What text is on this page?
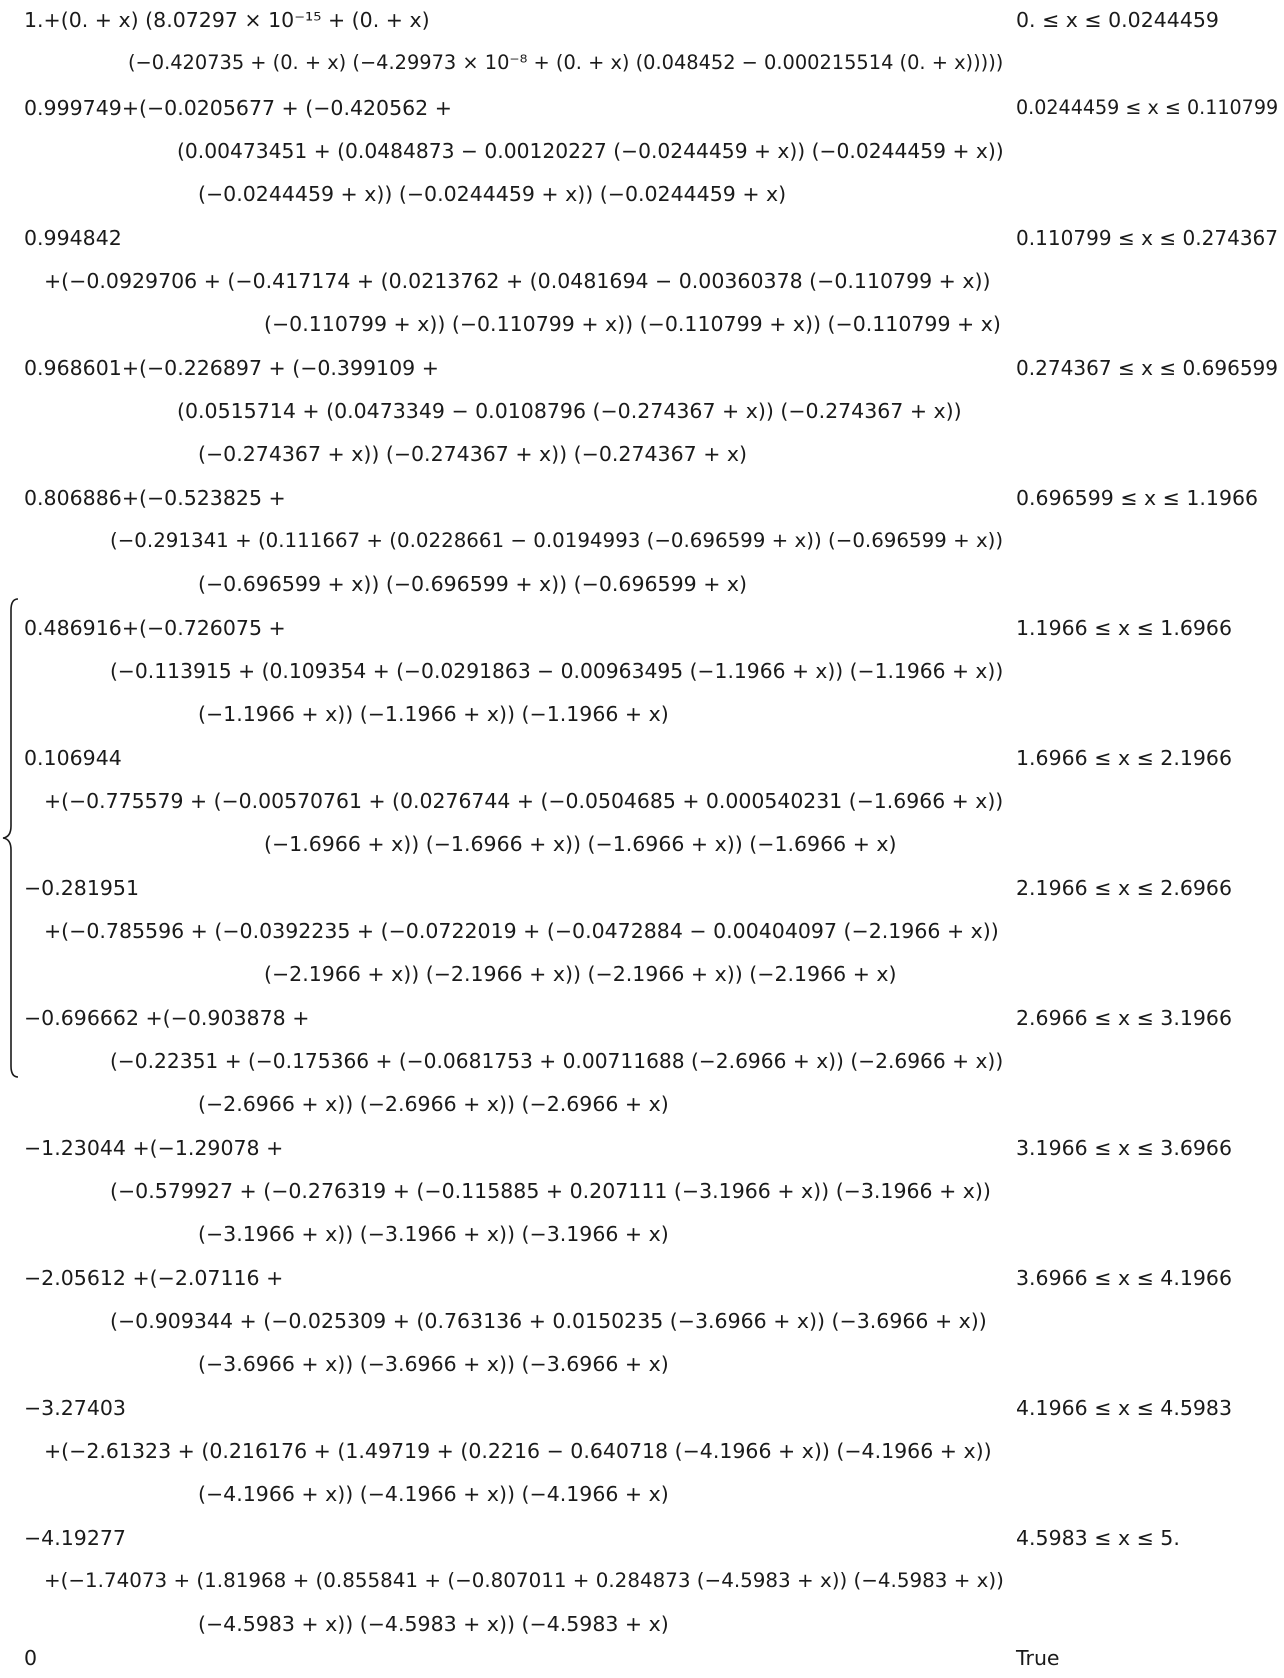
1.+(0. + x) (8.07297 × 10⁻¹⁵ + (0. + x)
(−0.420735 + (0. + x) (−4.29973 × 10⁻⁸ + (0. + x) (0.048452 − 0.000215514 (0. + x)))))
0. ≤ x ≤ 0.0244459
0.999749+(−0.0205677 + (−0.420562 +
(0.00473451 + (0.0484873 − 0.00120227 (−0.0244459 + x)) (−0.0244459 + x))
(−0.0244459 + x)) (−0.0244459 + x)) (−0.0244459 + x)
0.0244459 ≤ x ≤ 0.110799
0.994842
+(−0.0929706 + (−0.417174 + (0.0213762 + (0.0481694 − 0.00360378 (−0.110799 + x))
(−0.110799 + x)) (−0.110799 + x)) (−0.110799 + x)) (−0.110799 + x)
0.110799 ≤ x ≤ 0.274367
0.968601+(−0.226897 + (−0.399109 +
(0.0515714 + (0.0473349 − 0.0108796 (−0.274367 + x)) (−0.274367 + x))
(−0.274367 + x)) (−0.274367 + x)) (−0.274367 + x)
0.274367 ≤ x ≤ 0.696599
0.806886+(−0.523825 +
(−0.291341 + (0.111667 + (0.0228661 − 0.0194993 (−0.696599 + x)) (−0.696599 + x))
(−0.696599 + x)) (−0.696599 + x)) (−0.696599 + x)
0.696599 ≤ x ≤ 1.1966
0.486916+(−0.726075 +
(−0.113915 + (0.109354 + (−0.0291863 − 0.00963495 (−1.1966 + x)) (−1.1966 + x))
(−1.1966 + x)) (−1.1966 + x)) (−1.1966 + x)
1.1966 ≤ x ≤ 1.6966
0.106944
+(−0.775579 + (−0.00570761 + (0.0276744 + (−0.0504685 + 0.000540231 (−1.6966 + x))
(−1.6966 + x)) (−1.6966 + x)) (−1.6966 + x)) (−1.6966 + x)
1.6966 ≤ x ≤ 2.1966
−0.281951
+(−0.785596 + (−0.0392235 + (−0.0722019 + (−0.0472884 − 0.00404097 (−2.1966 + x))
(−2.1966 + x)) (−2.1966 + x)) (−2.1966 + x)) (−2.1966 + x)
2.1966 ≤ x ≤ 2.6966
−0.696662 +(−0.903878 +
(−0.22351 + (−0.175366 + (−0.0681753 + 0.00711688 (−2.6966 + x)) (−2.6966 + x))
(−2.6966 + x)) (−2.6966 + x)) (−2.6966 + x)
2.6966 ≤ x ≤ 3.1966
−1.23044 +(−1.29078 +
(−0.579927 + (−0.276319 + (−0.115885 + 0.207111 (−3.1966 + x)) (−3.1966 + x))
(−3.1966 + x)) (−3.1966 + x)) (−3.1966 + x)
3.1966 ≤ x ≤ 3.6966
−2.05612 +(−2.07116 +
(−0.909344 + (−0.025309 + (0.763136 + 0.0150235 (−3.6966 + x)) (−3.6966 + x))
(−3.6966 + x)) (−3.6966 + x)) (−3.6966 + x)
3.6966 ≤ x ≤ 4.1966
−3.27403
+(−2.61323 + (0.216176 + (1.49719 + (0.2216 − 0.640718 (−4.1966 + x)) (−4.1966 + x))
(−4.1966 + x)) (−4.1966 + x)) (−4.1966 + x)
4.1966 ≤ x ≤ 4.5983
−4.19277
+(−1.74073 + (1.81968 + (0.855841 + (−0.807011 + 0.284873 (−4.5983 + x)) (−4.5983 + x))
(−4.5983 + x)) (−4.5983 + x)) (−4.5983 + x)
4.5983 ≤ x ≤ 5.
0	True
